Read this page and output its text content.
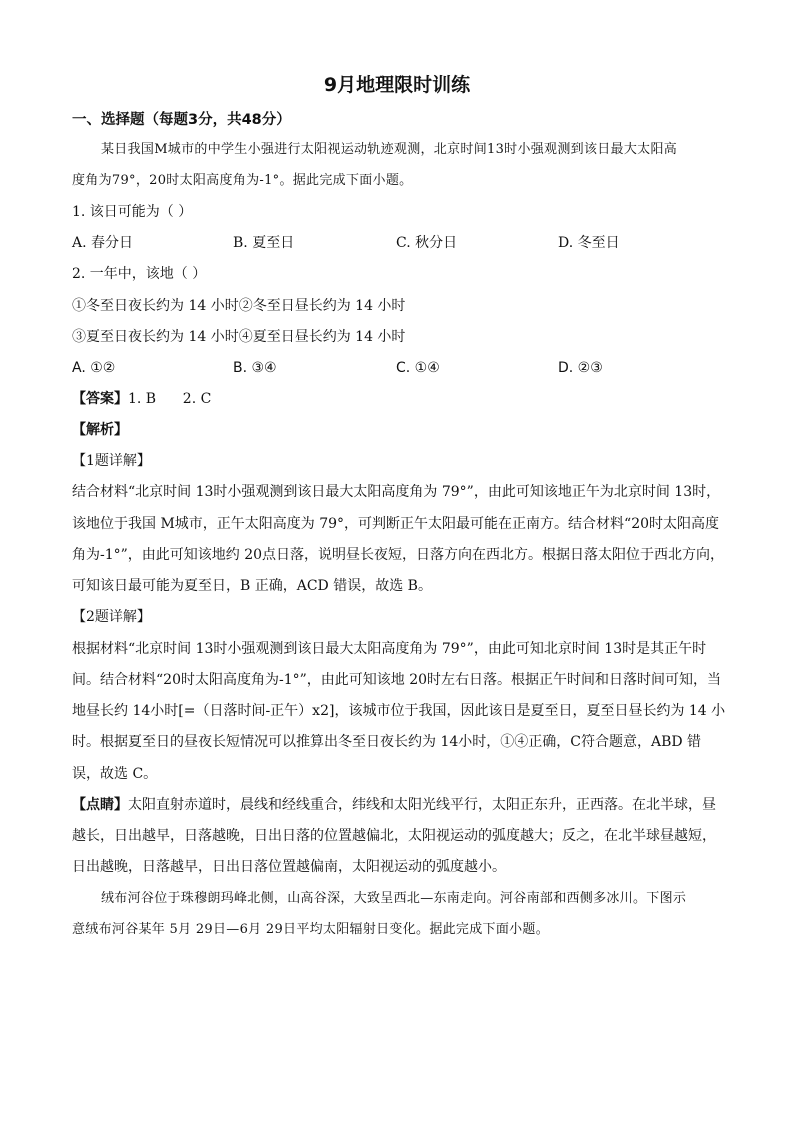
9月地理限时训练
一、选择题（每题3分，共48分）
某日我国M城市的中学生小强进行太阳视运动轨迹观测，北京时间13时小强观测到该日最大太阳高
度角为79°，20时太阳高度角为-1°。据此完成下面小题。
1. 该日可能为（ ）
A. 春分日	B. 夏至日	C. 秋分日	D. 冬至日
2. 一年中，该地（ ）
①冬至日夜长约为 14 小时②冬至日昼长约为 14 小时
③夏至日夜长约为 14 小时④夏至日昼长约为 14 小时
A. ①②	B. ③④	C. ①④	D. ②③
【答案】1. B      2. C
【解析】
【1题详解】
结合材料“北京时间 13时小强观测到该日最大太阳高度角为 79°”，由此可知该地正午为北京时间 13时，
该地位于我国 M城市，正午太阳高度为 79°，可判断正午太阳最可能在正南方。结合材料“20时太阳高度
角为-1°”，由此可知该地约 20点日落，说明昼长夜短，日落方向在西北方。根据日落太阳位于西北方向，
可知该日最可能为夏至日，B 正确，ACD 错误，故选 B。
【2题详解】
根据材料“北京时间 13时小强观测到该日最大太阳高度角为 79°”，由此可知北京时间 13时是其正午时
间。结合材料“20时太阳高度角为-1°”，由此可知该地 20时左右日落。根据正午时间和日落时间可知，当
地昼长约 14小时[=（日落时间-正午）x2]，该城市位于我国，因此该日是夏至日，夏至日昼长约为 14 小
时。根据夏至日的昼夜长短情况可以推算出冬至日夜长约为 14小时，①④正确，C符合题意，ABD 错
误，故选 C。
【点睛】太阳直射赤道时，晨线和经线重合，纬线和太阳光线平行，太阳正东升，正西落。在北半球，昼
越长，日出越早，日落越晚，日出日落的位置越偏北，太阳视运动的弧度越大；反之，在北半球昼越短，
日出越晚，日落越早，日出日落位置越偏南，太阳视运动的弧度越小。
绒布河谷位于珠穆朗玛峰北侧，山高谷深，大致呈西北—东南走向。河谷南部和西侧多冰川。下图示
意绒布河谷某年 5月 29日—6月 29日平均太阳辐射日变化。据此完成下面小题。
